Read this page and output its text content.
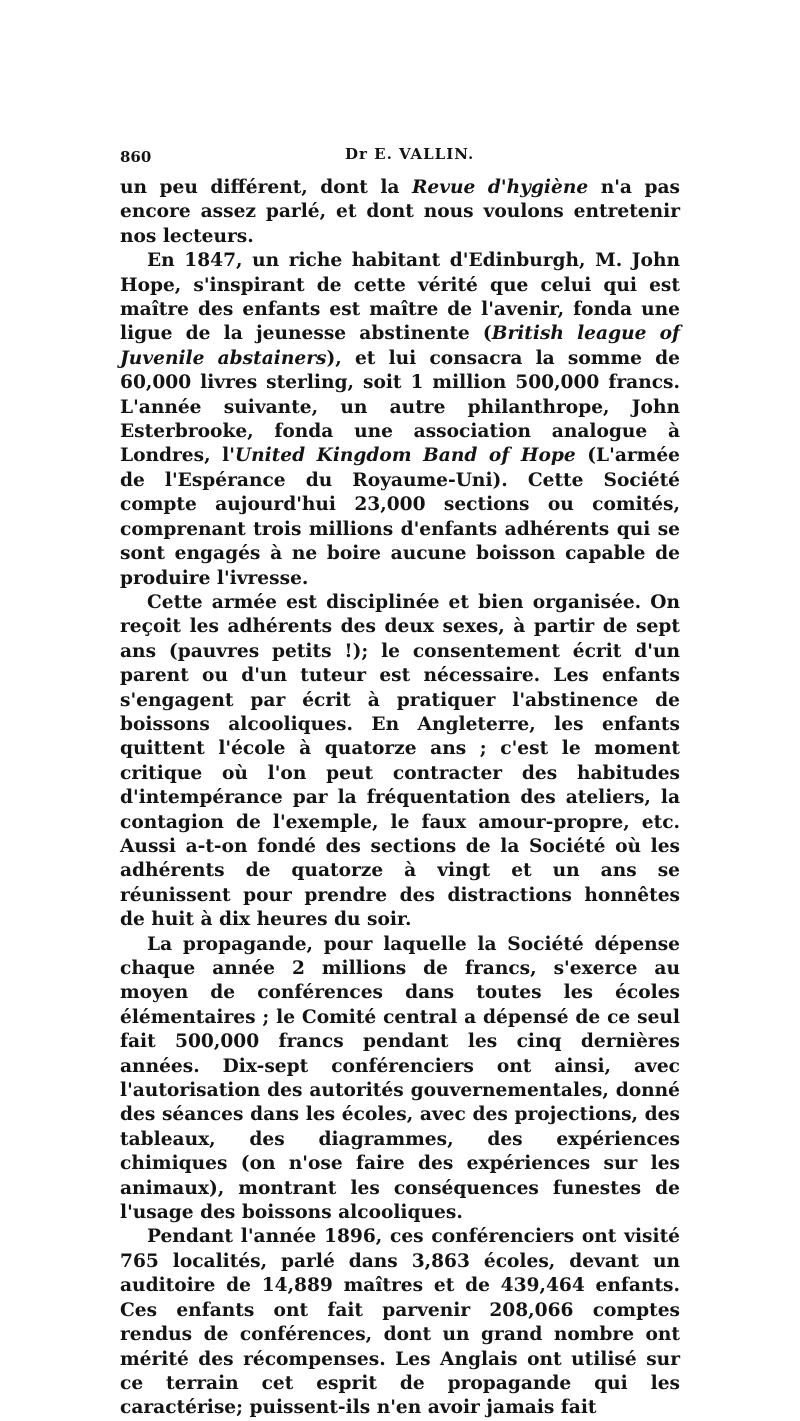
860	Dr E. VALLIN.

un peu différent, dont la Revue d'hygiène n'a pas encore assez parlé, et dont nous voulons entretenir nos lecteurs.

En 1847, un riche habitant d'Edinburgh, M. John Hope, s'inspirant de cette vérité que celui qui est maître des enfants est maître de l'avenir, fonda une ligue de la jeunesse abstinente (British league of Juvenile abstainers), et lui consacra la somme de 60,000 livres sterling, soit 1 million 500,000 francs. L'année suivante, un autre philanthrope, John Esterbrooke, fonda une association analogue à Londres, l'United Kingdom Band of Hope (L'armée de l'Espérance du Royaume-Uni). Cette Société compte aujourd'hui 23,000 sections ou comités, comprenant trois millions d'enfants adhérents qui se sont engagés à ne boire aucune boisson capable de produire l'ivresse.

Cette armée est disciplinée et bien organisée. On reçoit les adhérents des deux sexes, à partir de sept ans (pauvres petits !); le consentement écrit d'un parent ou d'un tuteur est nécessaire. Les enfants s'engagent par écrit à pratiquer l'abstinence de boissons alcooliques. En Angleterre, les enfants quittent l'école à quatorze ans ; c'est le moment critique où l'on peut contracter des habitudes d'intempérance par la fréquentation des ateliers, la contagion de l'exemple, le faux amour-propre, etc. Aussi a-t-on fondé des sections de la Société où les adhérents de quatorze à vingt et un ans se réunissent pour prendre des distractions honnêtes de huit à dix heures du soir.

La propagande, pour laquelle la Société dépense chaque année 2 millions de francs, s'exerce au moyen de conférences dans toutes les écoles élémentaires ; le Comité central a dépensé de ce seul fait 500,000 francs pendant les cinq dernières années. Dix-sept conférenciers ont ainsi, avec l'autorisation des autorités gouvernementales, donné des séances dans les écoles, avec des projections, des tableaux, des diagrammes, des expériences chimiques (on n'ose faire des expériences sur les animaux), montrant les conséquences funestes de l'usage des boissons alcooliques.

Pendant l'année 1896, ces conférenciers ont visité 765 localités, parlé dans 3,863 écoles, devant un auditoire de 14,889 maîtres et de 439,464 enfants. Ces enfants ont fait parvenir 208,066 comptes rendus de conférences, dont un grand nombre ont mérité des récompenses. Les Anglais ont utilisé sur ce terrain cet esprit de propagande qui les caractérise; puissent-ils n'en avoir jamais fait
